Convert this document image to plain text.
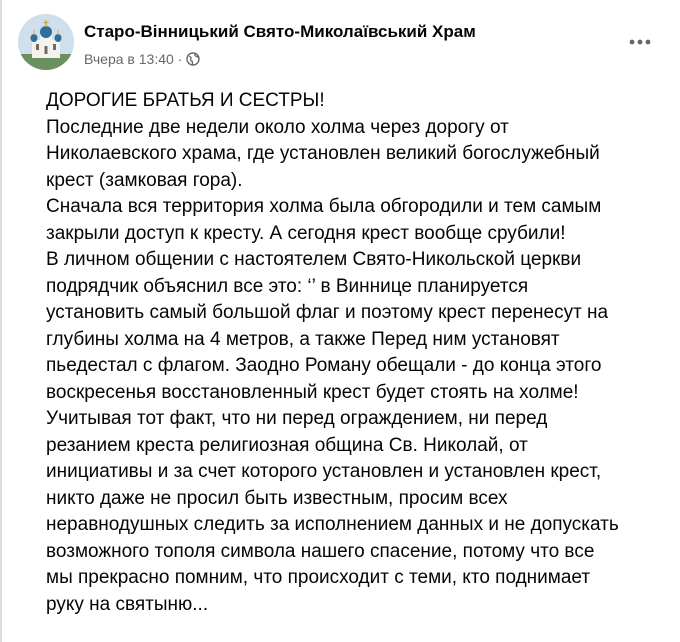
Старо-Вінницький Свято-Миколаївський Храм
Вчера в 13:40 ·

ДОРОГИЕ БРАТЬЯ И СЕСТРЫ!

Последние две недели около холма через дорогу от

Николаевского храма, где установлен великий богослужебный

крест (замковая гора).

Сначала вся территория холма была обгородили и тем самым

закрыли доступ к кресту. А сегодня крест вообще срубили!

В личном общении с настоятелем Свято-Никольской церкви

подрядчик объяснил все это: ‘’ в Виннице планируется

установить самый большой флаг и поэтому крест перенесут на

глубины холма на 4 метров, а также Перед ним установят

пьедестал с флагом. Заодно Роману обещали - до конца этого

воскресенья восстановленный крест будет стоять на холме!

Учитывая тот факт, что ни перед ограждением, ни перед

резанием креста религиозная община Св. Николай, от

инициативы и за счет которого установлен и установлен крест,

никто даже не просил быть известным, просим всех

неравнодушных следить за исполнением данных и не допускать

возможного тополя символа нашего спасение, потому что все

мы прекрасно помним, что происходит с теми, кто поднимает

руку на святыню...
